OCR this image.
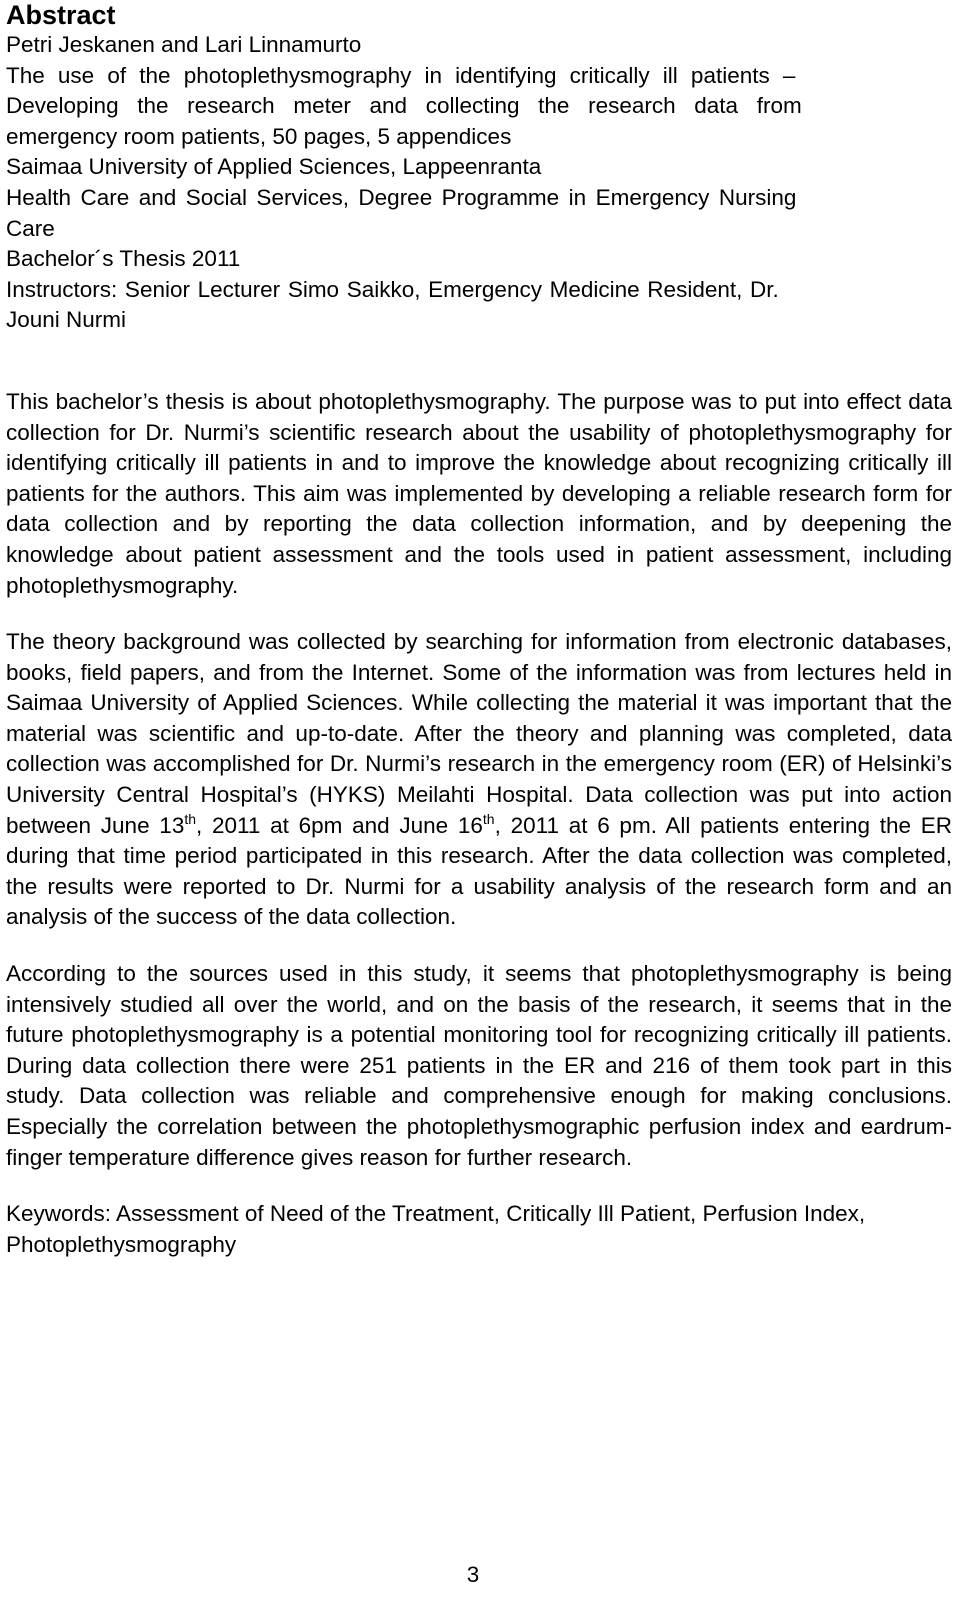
Abstract

Petri Jeskanen and Lari Linnamurto

The use of the photoplethysmography in identifying critically ill patients –

Developing the research meter and collecting the research data from

emergency room patients, 50 pages, 5 appendices

Saimaa University of Applied Sciences, Lappeenranta

Health Care and Social Services, Degree Programme in Emergency Nursing

Care

Bachelor´s Thesis 2011

Instructors: Senior Lecturer Simo Saikko, Emergency Medicine Resident, Dr.

Jouni Nurmi

This bachelor’s thesis is about photoplethysmography. The purpose was to put into effect data collection for Dr. Nurmi’s scientific research about the usability of photoplethysmography for identifying critically ill patients in and to improve the knowledge about recognizing critically ill patients for the authors. This aim was implemented by developing a reliable research form for data collection and by reporting the data collection information, and by deepening the knowledge about patient assessment and the tools used in patient assessment, including photoplethysmography.

The theory background was collected by searching for information from electronic databases, books, field papers, and from the Internet. Some of the information was from lectures held in Saimaa University of Applied Sciences. While collecting the material it was important that the material was scientific and up-to-date. After the theory and planning was completed, data collection was accomplished for Dr. Nurmi’s research in the emergency room (ER) of Helsinki’s University Central Hospital’s (HYKS) Meilahti Hospital. Data collection was put into action between June 13th, 2011 at 6pm and June 16th, 2011 at 6 pm. All patients entering the ER during that time period participated in this research. After the data collection was completed, the results were reported to Dr. Nurmi for a usability analysis of the research form and an analysis of the success of the data collection.

According to the sources used in this study, it seems that photoplethysmography is being intensively studied all over the world, and on the basis of the research, it seems that in the future photoplethysmography is a potential monitoring tool for recognizing critically ill patients. During data collection there were 251 patients in the ER and 216 of them took part in this study. Data collection was reliable and comprehensive enough for making conclusions. Especially the correlation between the photoplethysmographic perfusion index and eardrum-finger temperature difference gives reason for further research.

Keywords: Assessment of Need of the Treatment, Critically Ill Patient, Perfusion Index, Photoplethysmography

3
